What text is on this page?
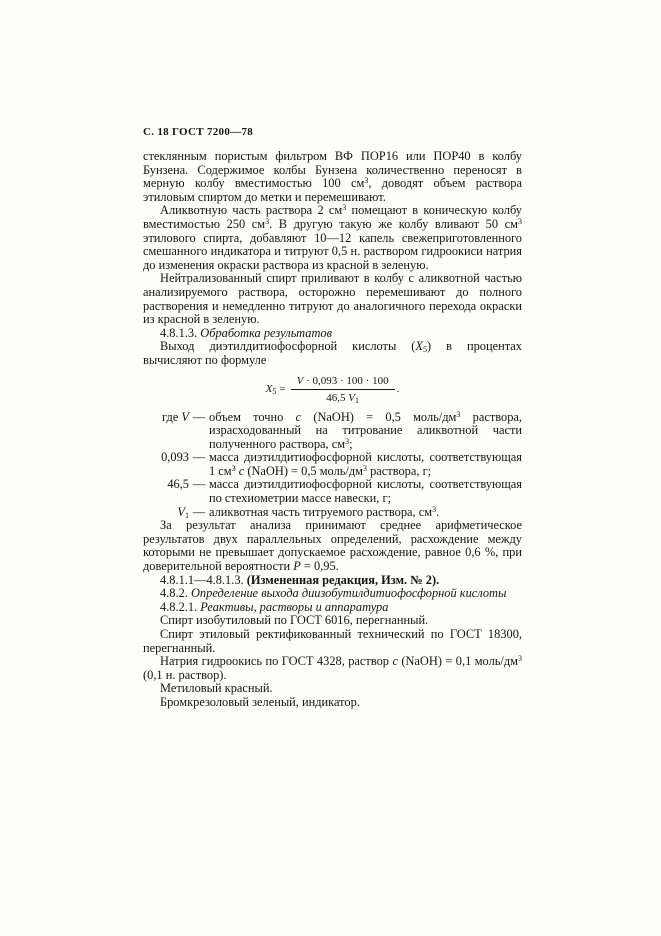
С. 18 ГОСТ 7200—78

стеклянным пористым фильтром ВФ ПОР16 или ПОР40 в колбу Бунзена. Содержимое колбы Бунзена количественно переносят в мерную колбу вместимостью 100 $см^3$, доводят объем раствора этиловым спиртом до метки и перемешивают.

Аликвотную часть раствора 2 $см^3$ помещают в коническую колбу вместимостью 250 $см^3$. В другую такую же колбу вливают 50 $см^3$ этилового спирта, добавляют 10—12 капель свежеприготовленного смешанного индикатора и титруют 0,5 н. раствором гидроокиси натрия до изменения окраски раствора из красной в зеленую.

Нейтрализованный спирт приливают в колбу с аликвотной частью анализируемого раствора, осторожно перемешивают до полного растворения и немедленно титруют до аналогичного перехода окраски из красной в зеленую.

4.8.1.3. Обработка результатов

Выход диэтилдитиофосфорной кислоты $(X_5)$ в процентах вычисляют по формуле

$X_5 = \frac{V \cdot 0,093 \cdot 100 \cdot 100}{46,5 V_1}$ .
где V — объем точно с (NaOH) = 0,5 моль/$дм^3$ раствора, израсходованный на титрование аликвотной части полученного раствора, $см^3$;
0,093 — масса диэтилдитиофосфорной кислоты, соответствующая 1 $см^3$ с (NaOH) = 0,5 моль/$дм^3$ раствора, г;
46,5 — масса диэтилдитиофосфорной кислоты, соответствующая по стехиометрии массе навески, г;
$V_1$ — аликвотная часть титруемого раствора, $см^3$.

За результат анализа принимают среднее арифметическое результатов двух параллельных определений, расхождение между которыми не превышает допускаемое расхождение, равное 0,6 %, при доверительной вероятности P = 0,95.

4.8.1.1—4.8.1.3. (Измененная редакция, Изм. № 2).

4.8.2. Определение выхода диизобутилдитиофосфорной кислоты

4.8.2.1. Реактивы, растворы и аппаратура

Спирт изобутиловый по ГОСТ 6016, перегнанный.

Спирт этиловый ректификованный технический по ГОСТ 18300, перегнанный.

Натрия гидроокись по ГОСТ 4328, раствор с (NaOH) = 0,1 моль/$дм^3$ (0,1 н. раствор).

Метиловый красный.

Бромкрезоловый зеленый, индикатор.
